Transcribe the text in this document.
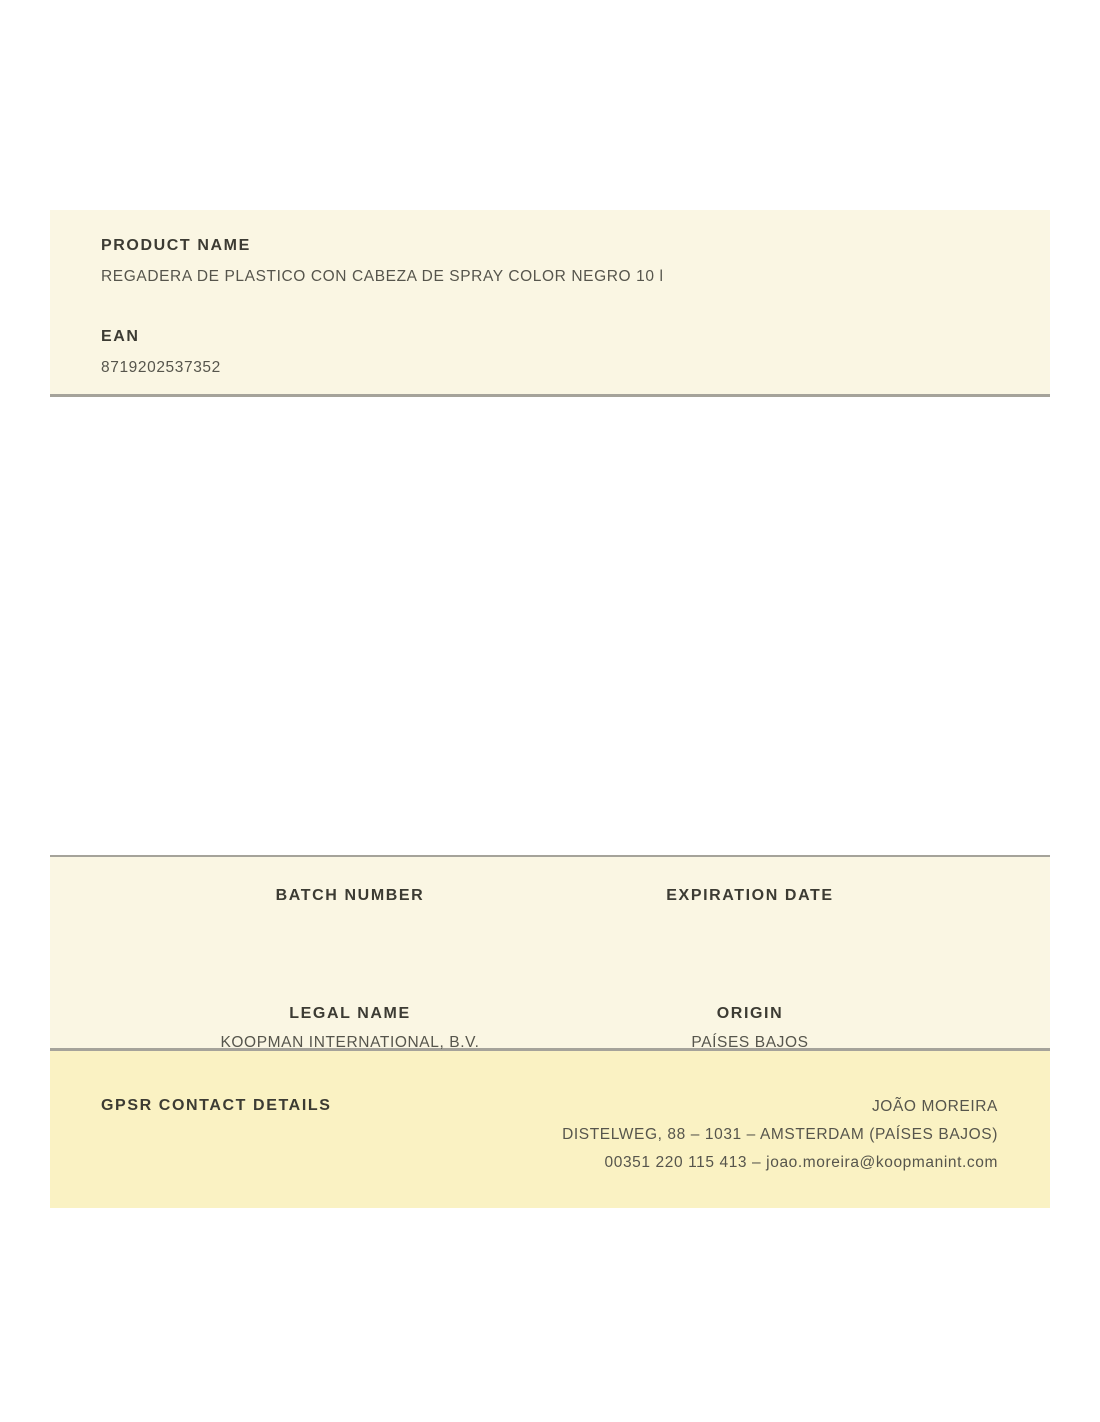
PRODUCT NAME
REGADERA DE PLASTICO CON CABEZA DE SPRAY COLOR NEGRO 10 l
EAN
8719202537352
BATCH NUMBER	EXPIRATION DATE
LEGAL NAME
KOOPMAN INTERNATIONAL, B.V.
ORIGIN
PAÍSES BAJOS
GPSR CONTACT DETAILS	JOÃO MOREIRA
DISTELWEG, 88 – 1031 – AMSTERDAM (PAÍSES BAJOS)
00351 220 115 413 – joao.moreira@koopmanint.com
